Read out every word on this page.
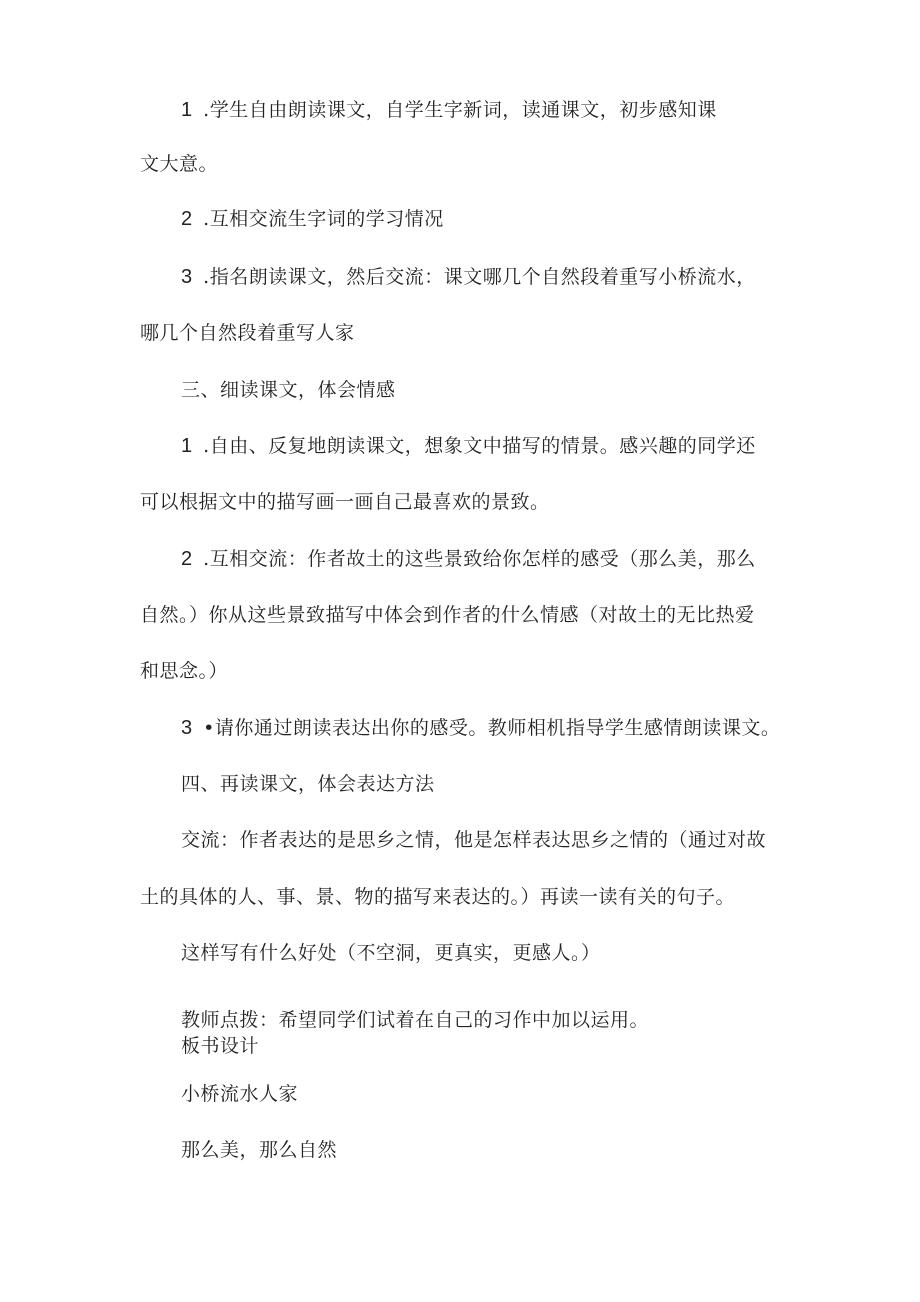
1 .学生自由朗读课文，自学生字新词，读通课文，初步感知课
文大意。
2 .互相交流生字词的学习情况
3 .指名朗读课文，然后交流：课文哪几个自然段着重写小桥流水，
哪几个自然段着重写人家
三、细读课文，体会情感
1 .自由、反复地朗读课文，想象文中描写的情景。感兴趣的同学还
可以根据文中的描写画一画自己最喜欢的景致。
2 .互相交流：作者故土的这些景致给你怎样的感受（那么美，那么
自然。）你从这些景致描写中体会到作者的什么情感（对故土的无比热爱
和思念。）
3 •请你通过朗读表达出你的感受。教师相机指导学生感情朗读课文。
四、再读课文，体会表达方法
交流：作者表达的是思乡之情，他是怎样表达思乡之情的（通过对故
土的具体的人、事、景、物的描写来表达的。）再读一读有关的句子。
这样写有什么好处（不空洞，更真实，更感人。）
教师点拨：希望同学们试着在自己的习作中加以运用。
板书设计
小桥流水人家
那么美，那么自然
